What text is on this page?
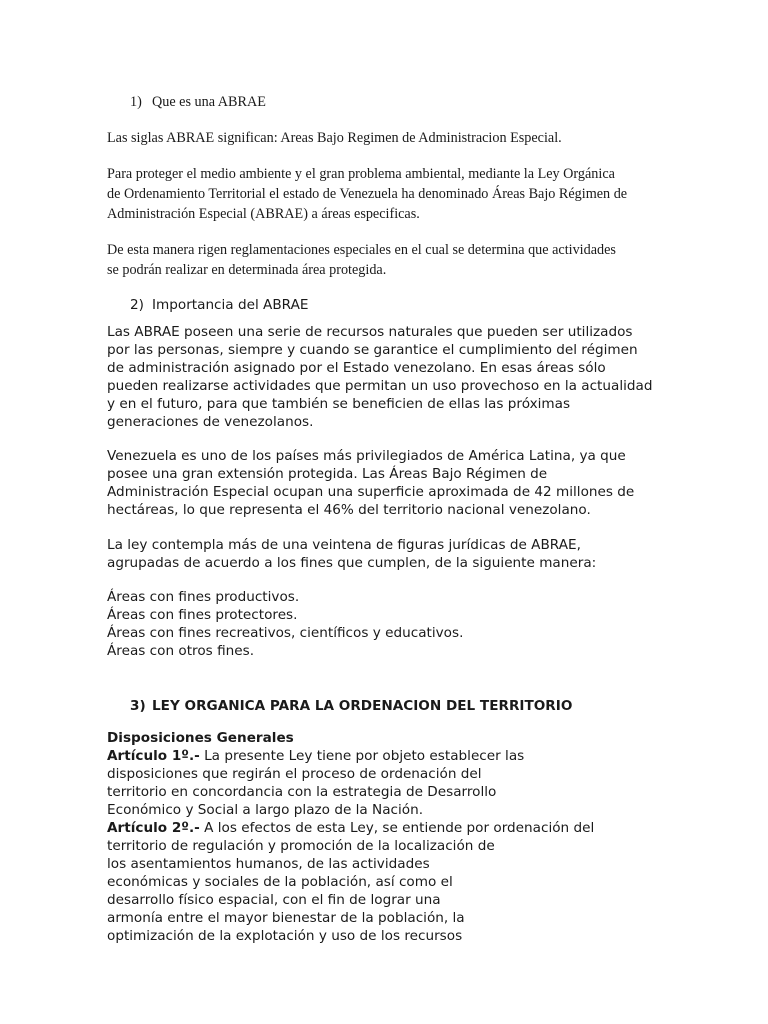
1) Que es una ABRAE
Las siglas ABRAE significan: Areas Bajo Regimen de Administracion Especial.
Para proteger el medio ambiente y el gran problema ambiental, mediante la Ley Orgánica
de Ordenamiento Territorial el estado de Venezuela ha denominado Áreas Bajo Régimen de
Administración Especial (ABRAE) a áreas especificas.
De esta manera rigen reglamentaciones especiales en el cual se determina que actividades
se podrán realizar en determinada área protegida.
2) Importancia del ABRAE
Las ABRAE poseen una serie de recursos naturales que pueden ser utilizados
por las personas, siempre y cuando se garantice el cumplimiento del régimen
de administración asignado por el Estado venezolano. En esas áreas sólo
pueden realizarse actividades que permitan un uso provechoso en la actualidad
y en el futuro, para que también se beneficien de ellas las próximas
generaciones de venezolanos.
Venezuela es uno de los países más privilegiados de América Latina, ya que
posee una gran extensión protegida. Las Áreas Bajo Régimen de
Administración Especial ocupan una superficie aproximada de 42 millones de
hectáreas, lo que representa el 46% del territorio nacional venezolano.
La ley contempla más de una veintena de figuras jurídicas de ABRAE,
agrupadas de acuerdo a los fines que cumplen, de la siguiente manera:
Áreas con fines productivos.
Áreas con fines protectores.
Áreas con fines recreativos, científicos y educativos.
Áreas con otros fines.
3) LEY ORGANICA PARA LA ORDENACION DEL TERRITORIO
Disposiciones Generales
Artículo 1º.- La presente Ley tiene por objeto establecer las
disposiciones que regirán el proceso de ordenación del
territorio en concordancia con la estrategia de Desarrollo
Económico y Social a largo plazo de la Nación.
Artículo 2º.- A los efectos de esta Ley, se entiende por ordenación del
territorio de regulación y promoción de la localización de
los asentamientos humanos, de las actividades
económicas y sociales de la población, así como el
desarrollo físico espacial, con el fin de lograr una
armonía entre el mayor bienestar de la población, la
optimización de la explotación y uso de los recursos
